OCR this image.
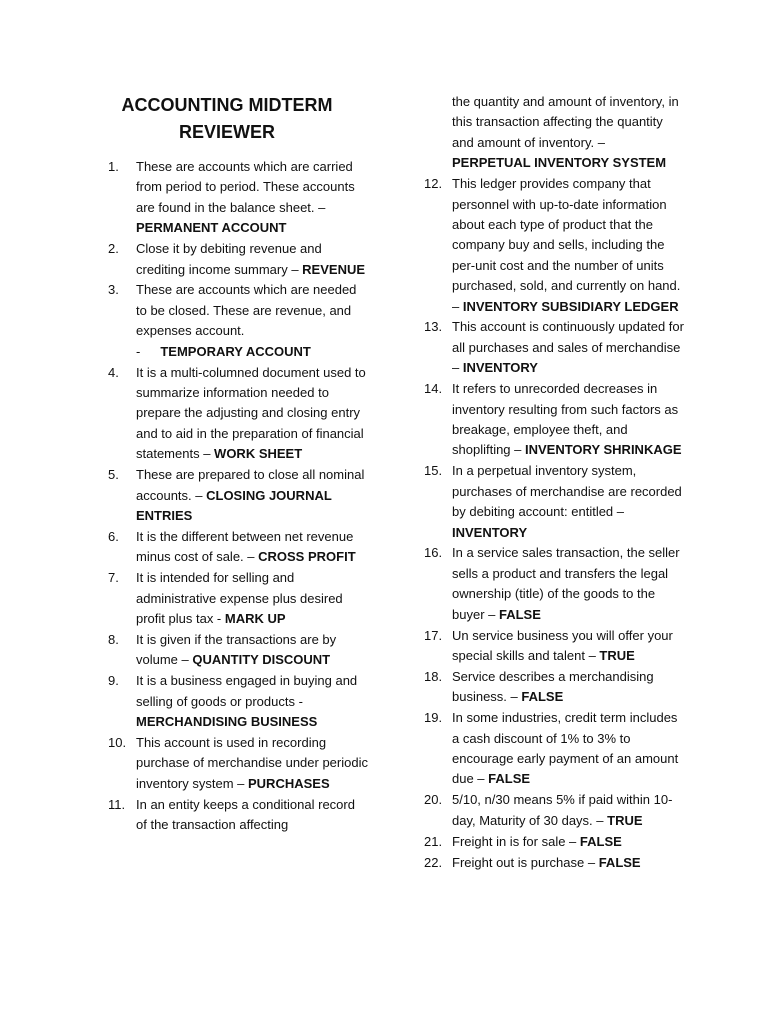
ACCOUNTING MIDTERM REVIEWER
1.	These are accounts which are carried from period to period. These accounts are found in the balance sheet. – PERMANENT ACCOUNT
2.	Close it by debiting revenue and crediting income summary – REVENUE
3.	These are accounts which are needed to be closed. These are revenue, and expenses account.
- TEMPORARY ACCOUNT
4.	It is a multi-columned document used to summarize information needed to prepare the adjusting and closing entry and to aid in the preparation of financial statements – WORK SHEET
5.	These are prepared to close all nominal accounts. – CLOSING JOURNAL ENTRIES
6.	It is the different between net revenue minus cost of sale. – CROSS PROFIT
7.	It is intended for selling and administrative expense plus desired profit plus tax - MARK UP
8.	It is given if the transactions are by volume – QUANTITY DISCOUNT
9.	It is a business engaged in buying and selling of goods or products - MERCHANDISING BUSINESS
10. This account is used in recording purchase of merchandise under periodic inventory system – PURCHASES
11. In an entity keeps a conditional record of the transaction affecting
the quantity and amount of inventory, in this transaction affecting the quantity and amount of inventory. – PERPETUAL INVENTORY SYSTEM
12. This ledger provides company that personnel with up-to-date information about each type of product that the company buy and sells, including the per-unit cost and the number of units purchased, sold, and currently on hand. – INVENTORY SUBSIDIARY LEDGER
13. This account is continuously updated for all purchases and sales of merchandise – INVENTORY
14. It refers to unrecorded decreases in inventory resulting from such factors as breakage, employee theft, and shoplifting – INVENTORY SHRINKAGE
15. In a perpetual inventory system, purchases of merchandise are recorded by debiting account: entitled – INVENTORY
16. In a service sales transaction, the seller sells a product and transfers the legal ownership (title) of the goods to the buyer – FALSE
17. Un service business you will offer your special skills and talent – TRUE
18. Service describes a merchandising business. – FALSE
19. In some industries, credit term includes a cash discount of 1% to 3% to encourage early payment of an amount due – FALSE
20. 5/10, n/30 means 5% if paid within 10-day, Maturity of 30 days. – TRUE
21. Freight in is for sale – FALSE
22. Freight out is purchase – FALSE
